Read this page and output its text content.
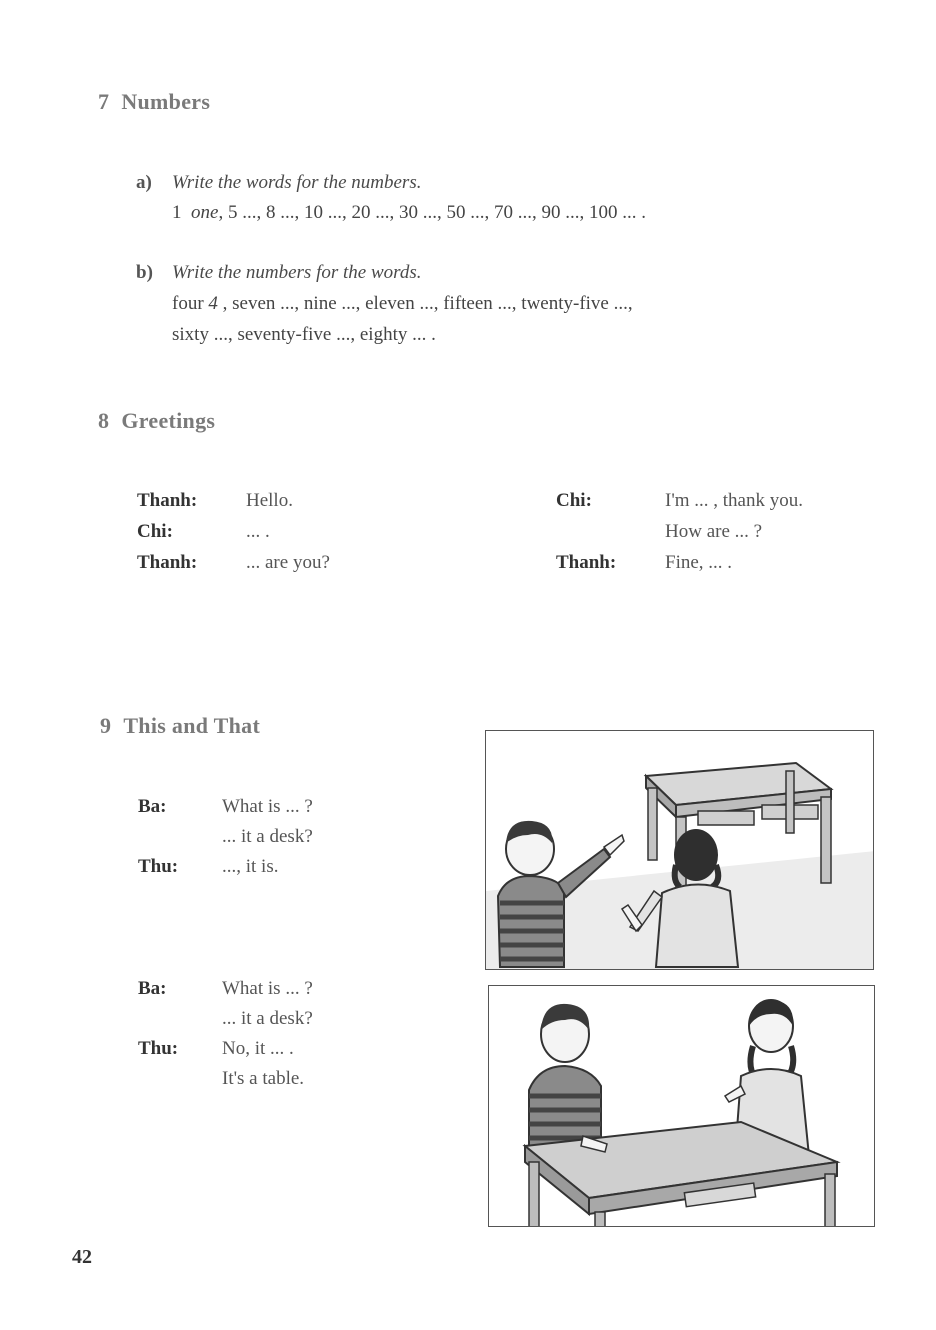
7 Numbers
a) Write the words for the numbers.
1 one, 5 ..., 8 ..., 10 ..., 20 ..., 30 ..., 50 ..., 70 ..., 90 ..., 100 ... .
b) Write the numbers for the words.
four 4 , seven ..., nine ..., eleven ..., fifteen ..., twenty-five ...,
sixty ..., seventy-five ..., eighty ... .
8 Greetings
Thanh:	Hello.
Chi:	... .
Thanh:	... are you?
Chi:	I'm ... , thank you.
How are ... ?
Thanh:	Fine, ... .
9 This and That
Ba:	What is ... ?
... it a desk?
Thu: ..., it is.
Ba:	What is ... ?
... it a desk?
Thu: No, it ... .
It's a table.
42
